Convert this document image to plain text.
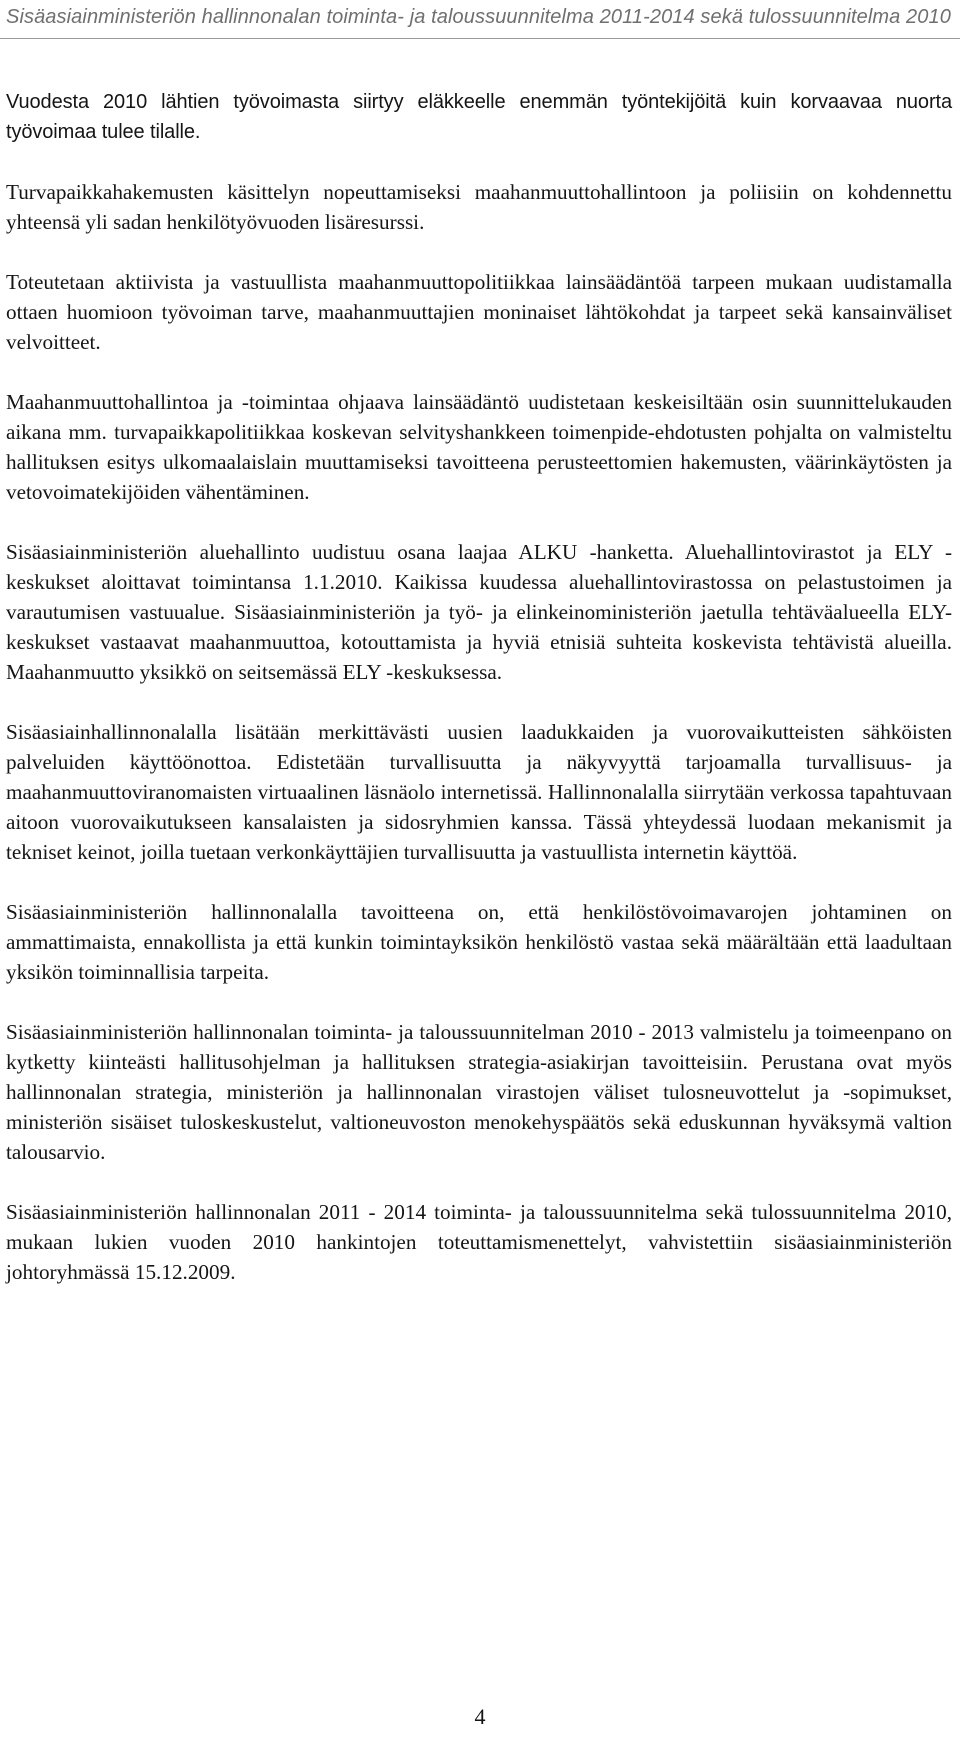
Sisäasiainministeriön hallinnonalan toiminta- ja taloussuunnitelma 2011-2014 sekä tulossuunnitelma 2010

Vuodesta 2010 lähtien työvoimasta siirtyy eläkkeelle enemmän työntekijöitä kuin korvaavaa nuorta työvoimaa tulee tilalle.

Turvapaikkahakemusten käsittelyn nopeuttamiseksi maahanmuuttohallintoon ja poliisiin on kohdennettu yhteensä yli sadan henkilötyövuoden lisäresurssi.

Toteutetaan aktiivista ja vastuullista maahanmuuttopolitiikkaa lainsäädäntöä tarpeen mukaan uudistamalla ottaen huomioon työvoiman tarve, maahanmuuttajien moninaiset lähtökohdat ja tarpeet sekä kansainväliset velvoitteet.

Maahanmuuttohallintoa ja -toimintaa ohjaava lainsäädäntö uudistetaan keskeisiltään osin suunnittelukauden aikana mm. turvapaikkapolitiikkaa koskevan selvityshankkeen toimenpide-ehdotusten pohjalta on valmisteltu hallituksen esitys ulkomaalaislain muuttamiseksi tavoitteena perusteettomien hakemusten, väärinkäytösten ja vetovoimatekijöiden vähentäminen.

Sisäasiainministeriön aluehallinto uudistuu osana laajaa ALKU -hanketta. Aluehallintovirastot ja ELY -keskukset aloittavat toimintansa 1.1.2010. Kaikissa kuudessa aluehallintovirastossa on pelastustoimen ja varautumisen vastuualue. Sisäasiainministeriön ja työ- ja elinkeinoministeriön jaetulla tehtäväalueella ELY-keskukset vastaavat maahanmuuttoa, kotouttamista ja hyviä etnisiä suhteita koskevista tehtävistä alueilla. Maahanmuutto yksikkö on seitsemässä ELY -keskuksessa.

Sisäasiainhallinnonalalla lisätään merkittävästi uusien laadukkaiden ja vuorovaikutteisten sähköisten palveluiden käyttöönottoa. Edistetään turvallisuutta ja näkyvyyttä tarjoamalla turvallisuus- ja maahanmuuttoviranomaisten virtuaalinen läsnäolo internetissä. Hallinnonalalla siirrytään verkossa tapahtuvaan aitoon vuorovaikutukseen kansalaisten ja sidosryhmien kanssa. Tässä yhteydessä luodaan mekanismit ja tekniset keinot, joilla tuetaan verkonkäyttäjien turvallisuutta ja vastuullista internetin käyttöä.

Sisäasiainministeriön hallinnonalalla tavoitteena on, että henkilöstövoimavarojen johtaminen on ammattimaista, ennakollista ja että kunkin toimintayksikön henkilöstö vastaa sekä määrältään että laadultaan yksikön toiminnallisia tarpeita.

Sisäasiainministeriön hallinnonalan toiminta- ja taloussuunnitelman 2010 - 2013 valmistelu ja toimeenpano on kytketty kiinteästi hallitusohjelman ja hallituksen strategia-asiakirjan tavoitteisiin. Perustana ovat myös hallinnonalan strategia, ministeriön ja hallinnonalan virastojen väliset tulosneuvottelut ja -sopimukset, ministeriön sisäiset tuloskeskustelut, valtioneuvoston menokehyspäätös sekä eduskunnan hyväksymä valtion talousarvio.

Sisäasiainministeriön hallinnonalan 2011 - 2014 toiminta- ja taloussuunnitelma sekä tulossuunnitelma 2010, mukaan lukien vuoden 2010 hankintojen toteuttamismenettelyt, vahvistettiin sisäasiainministeriön johtoryhmässä 15.12.2009.

4
